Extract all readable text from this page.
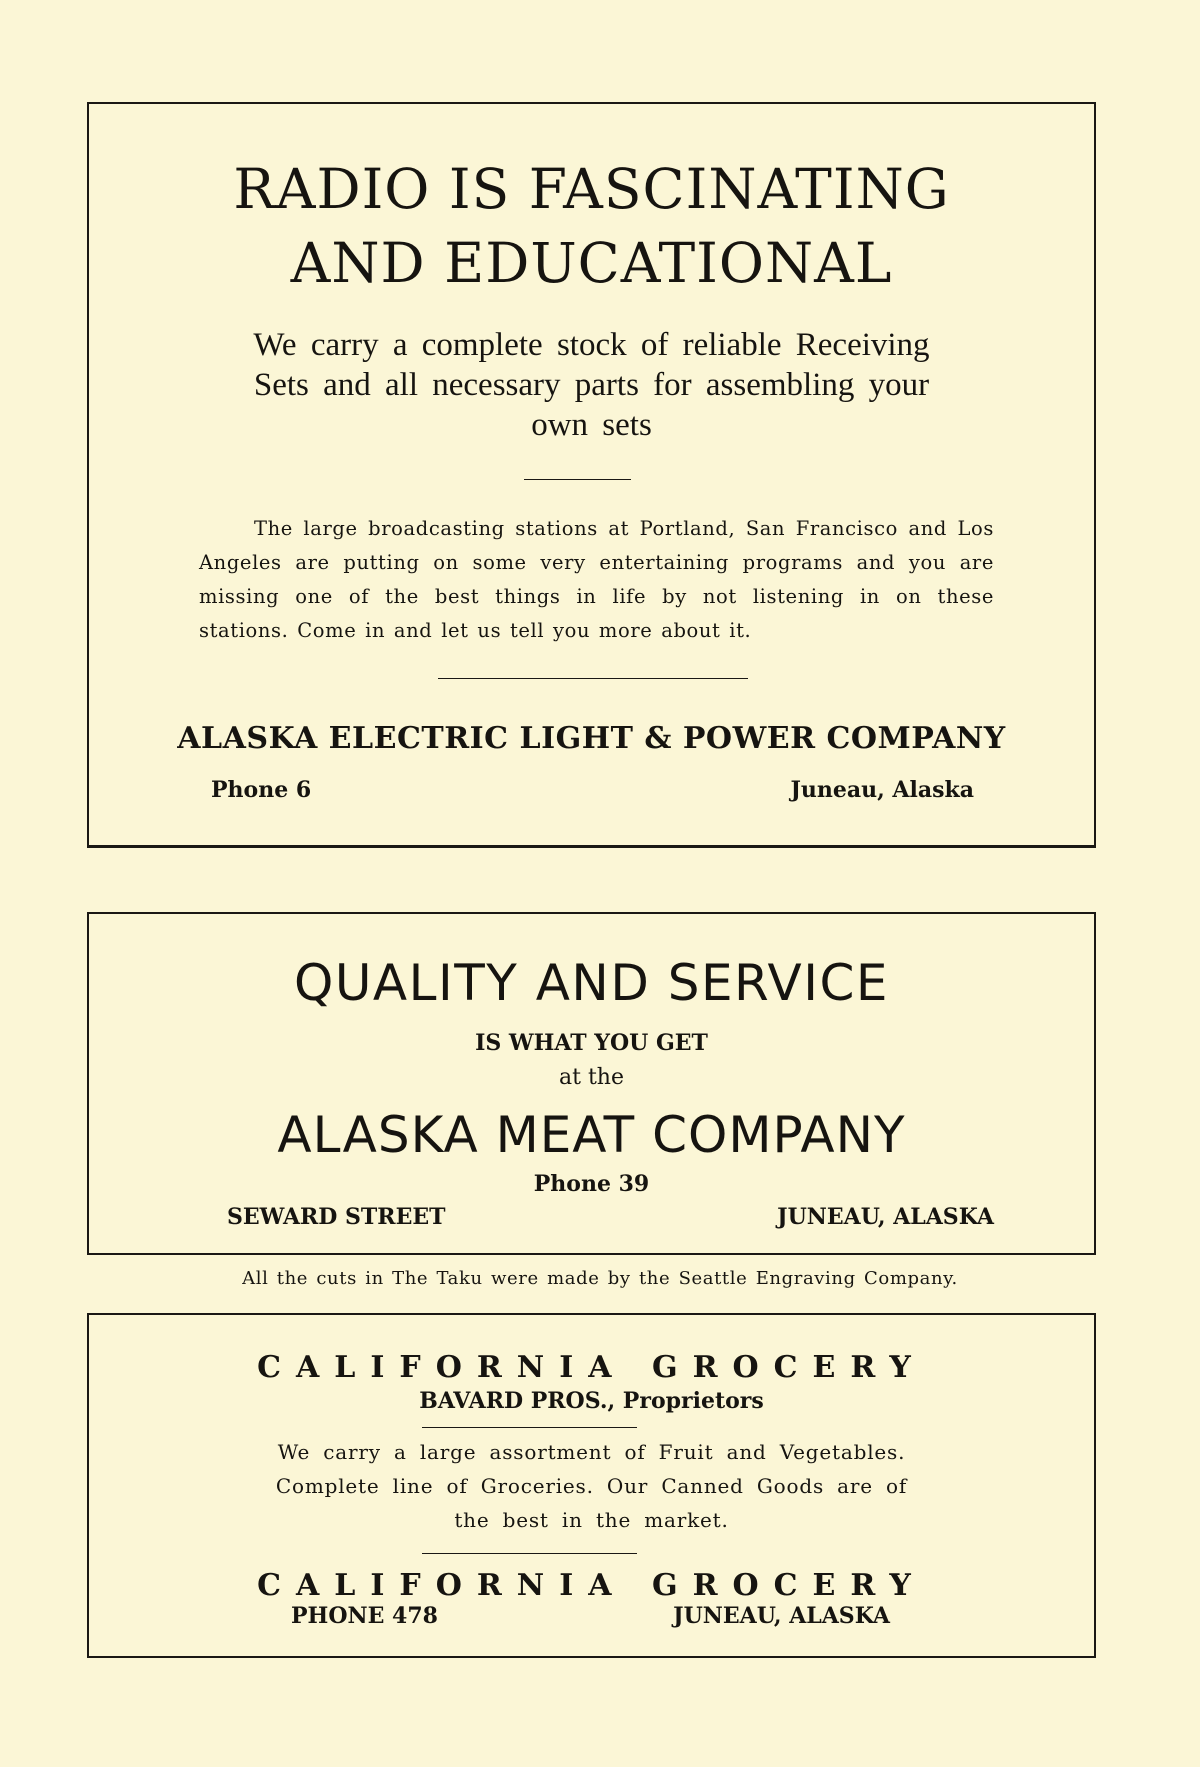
RADIO IS FASCINATING
AND EDUCATIONAL
We carry a complete stock of reliable Receiving
Sets and all necessary parts for assembling your
own sets
The large broadcasting stations at Portland, San Francisco and Los Angeles are putting on some very entertaining programs and you are missing one of the best things in life by not listening in on these stations. Come in and let us tell you more about it.
ALASKA ELECTRIC LIGHT & POWER COMPANY
Phone 6	Juneau, Alaska
QUALITY AND SERVICE
IS WHAT YOU GET
at the
ALASKA MEAT COMPANY
Phone 39
SEWARD STREET	JUNEAU, ALASKA
All the cuts in The Taku were made by the Seattle Engraving Company.
CALIFORNIA GROCERY
BAVARD PROS., Proprietors
We carry a large assortment of Fruit and Vegetables.
Complete line of Groceries. Our Canned Goods are of
the best in the market.
CALIFORNIA GROCERY
PHONE 478	JUNEAU, ALASKA
